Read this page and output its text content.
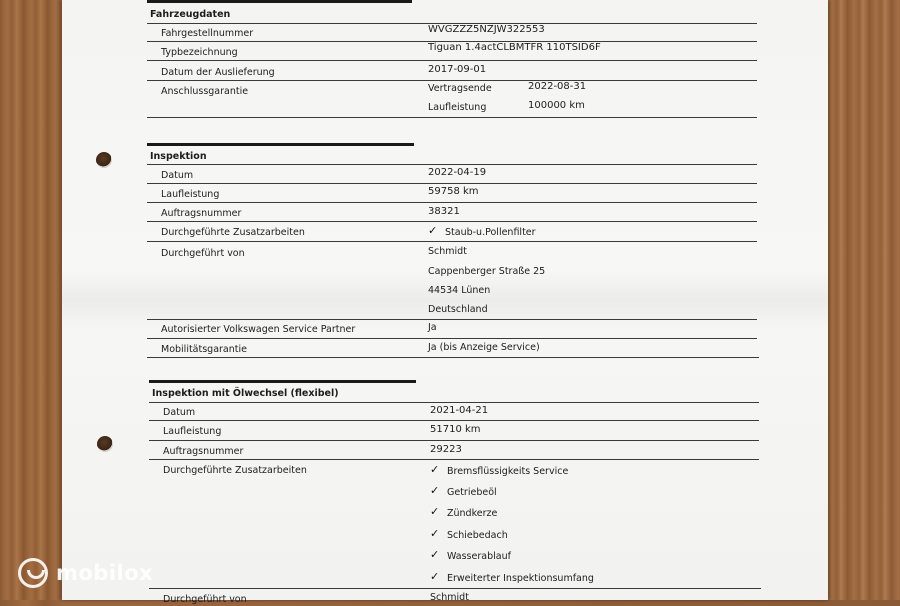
Fahrzeugdaten
Fahrgestellnummer	WVGZZZ5NZJW322553
Typbezeichnung	Tiguan 1.4actCLBMTFR 110TSID6F
Datum der Auslieferung	2017-09-01
Anschlussgarantie	Vertragsende	2022-08-31
Laufleistung	100000 km
Inspektion
Datum	2022-04-19
Laufleistung	59758 km
Auftragsnummer	38321
Durchgeführte Zusatzarbeiten	✓ Staub-u.Pollenfilter
Durchgeführt von	Schmidt
Cappenberger Straße 25
44534 Lünen
Deutschland
Autorisierter Volkswagen Service Partner	Ja
Mobilitätsgarantie	Ja (bis Anzeige Service)
Inspektion mit Ölwechsel (flexibel)
Datum	2021-04-21
Laufleistung	51710 km
Auftragsnummer	29223
Durchgeführte Zusatzarbeiten	✓ Bremsflüssigkeits Service
✓ Getriebeöl
✓ Zündkerze
✓ Schiebedach
✓ Wasserablauf
✓ Erweiterter Inspektionsumfang
Durchgeführt von	Schmidt
mobilox
